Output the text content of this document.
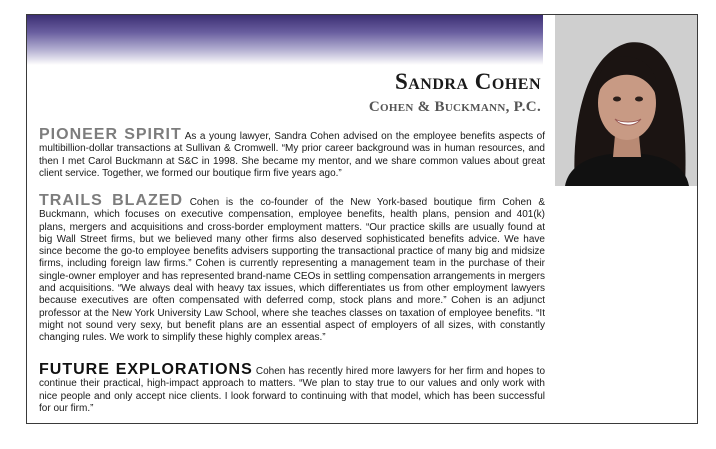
Sandra Cohen
Cohen & Buckmann, P.C.

PIONEER SPIRIT As a young lawyer, Sandra Cohen advised on the employee benefits aspects of multibillion-dollar transactions at Sullivan & Cromwell. “My prior career background was in human resources, and then I met Carol Buckmann at S&C in 1998. She became my mentor, and we share common values about great client service. Together, we formed our boutique firm five years ago.”

TRAILS BLAZED Cohen is the co-founder of the New York-based boutique firm Cohen & Buckmann, which focuses on executive compensation, employee benefits, health plans, pension and 401(k) plans, mergers and acquisitions and cross-border employment matters. “Our practice skills are usually found at big Wall Street firms, but we believed many other firms also deserved sophisticated benefits advice. We have since become the go-to employee benefits advisers supporting the transactional practice of many big and midsize firms, including foreign law firms.” Cohen is currently representing a management team in the purchase of their single-owner employer and has represented brand-name CEOs in settling compensation arrangements in mergers and acquisitions. “We always deal with heavy tax issues, which differentiates us from other employment lawyers because executives are often compensated with deferred comp, stock plans and more.” Cohen is an adjunct professor at the New York University Law School, where she teaches classes on taxation of employee benefits. “It might not sound very sexy, but benefit plans are an essential aspect of employers of all sizes, with constantly changing rules. We work to simplify these highly complex areas.”

FUTURE EXPLORATIONS Cohen has recently hired more lawyers for her firm and hopes to continue their practical, high-impact approach to matters. “We plan to stay true to our values and only work with nice people and only accept nice clients. I look forward to continuing with that model, which has been successful for our firm.”
